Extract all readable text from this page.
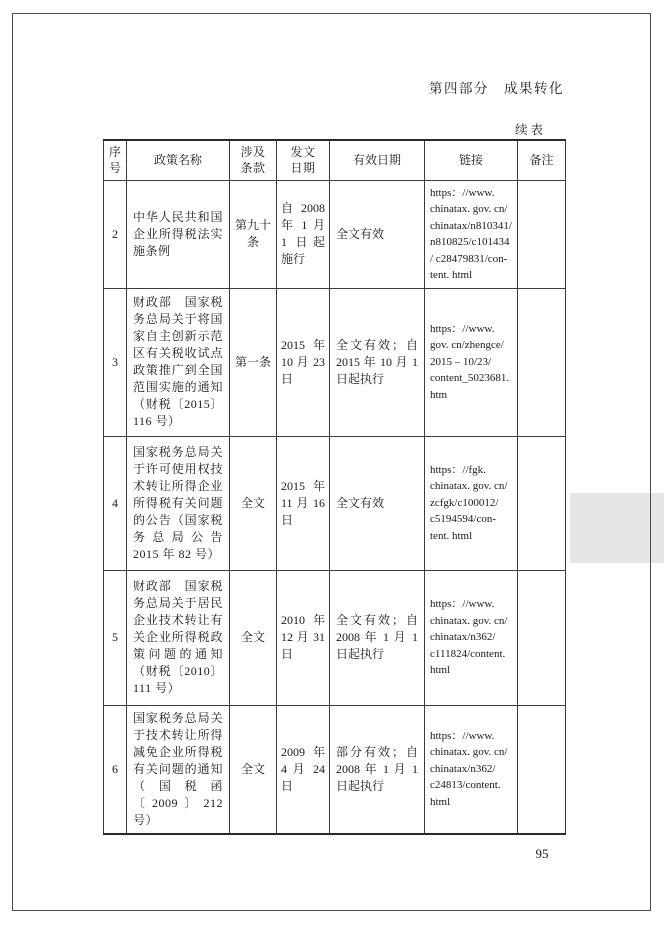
第四部分　成果转化
续表
序号	政策名称	涉及条款	发文日期	有效日期	链接	备注
2	中华人民共和国企业所得税法实施条例	第九十条	自 2008 年 1 月 1 日起施行	全文有效	https：//www. chinatax. gov. cn/ chinatax/n810341/ n810825/c101434/ c28479831/con- tent. html	
3	财政部　国家税务总局关于将国家自主创新示范区有关税收试点政策推广到全国范围实施的通知（财税〔2015〕116 号）	第一条	2015 年 10 月 23 日	全文有效；自 2015 年 10 月 1 日起执行	https：//www. gov. cn/zhengce/ 2015 – 10/23/ content_5023681. htm	
4	国家税务总局关于许可使用权技术转让所得企业所得税有关问题的公告（国家税务总局公告 2015 年 82 号）	全文	2015 年 11 月 16 日	全文有效	https：//fgk. chinatax. gov. cn/ zcfgk/c100012/ c5194594/con- tent. html	
5	财政部　国家税务总局关于居民企业技术转让有关企业所得税政策问题的通知（财税〔2010〕111 号）	全文	2010 年 12 月 31 日	全文有效；自 2008 年 1 月 1 日起执行	https：//www. chinatax. gov. cn/ chinatax/n362/ c111824/content. html	
6	国家税务总局关于技术转让所得减免企业所得税有关问题的通知（国税函〔2009〕212 号）	全文	2009 年 4 月 24 日	部分有效；自 2008 年 1 月 1 日起执行	https：//www. chinatax. gov. cn/ chinatax/n362/ c24813/content. html	
95
